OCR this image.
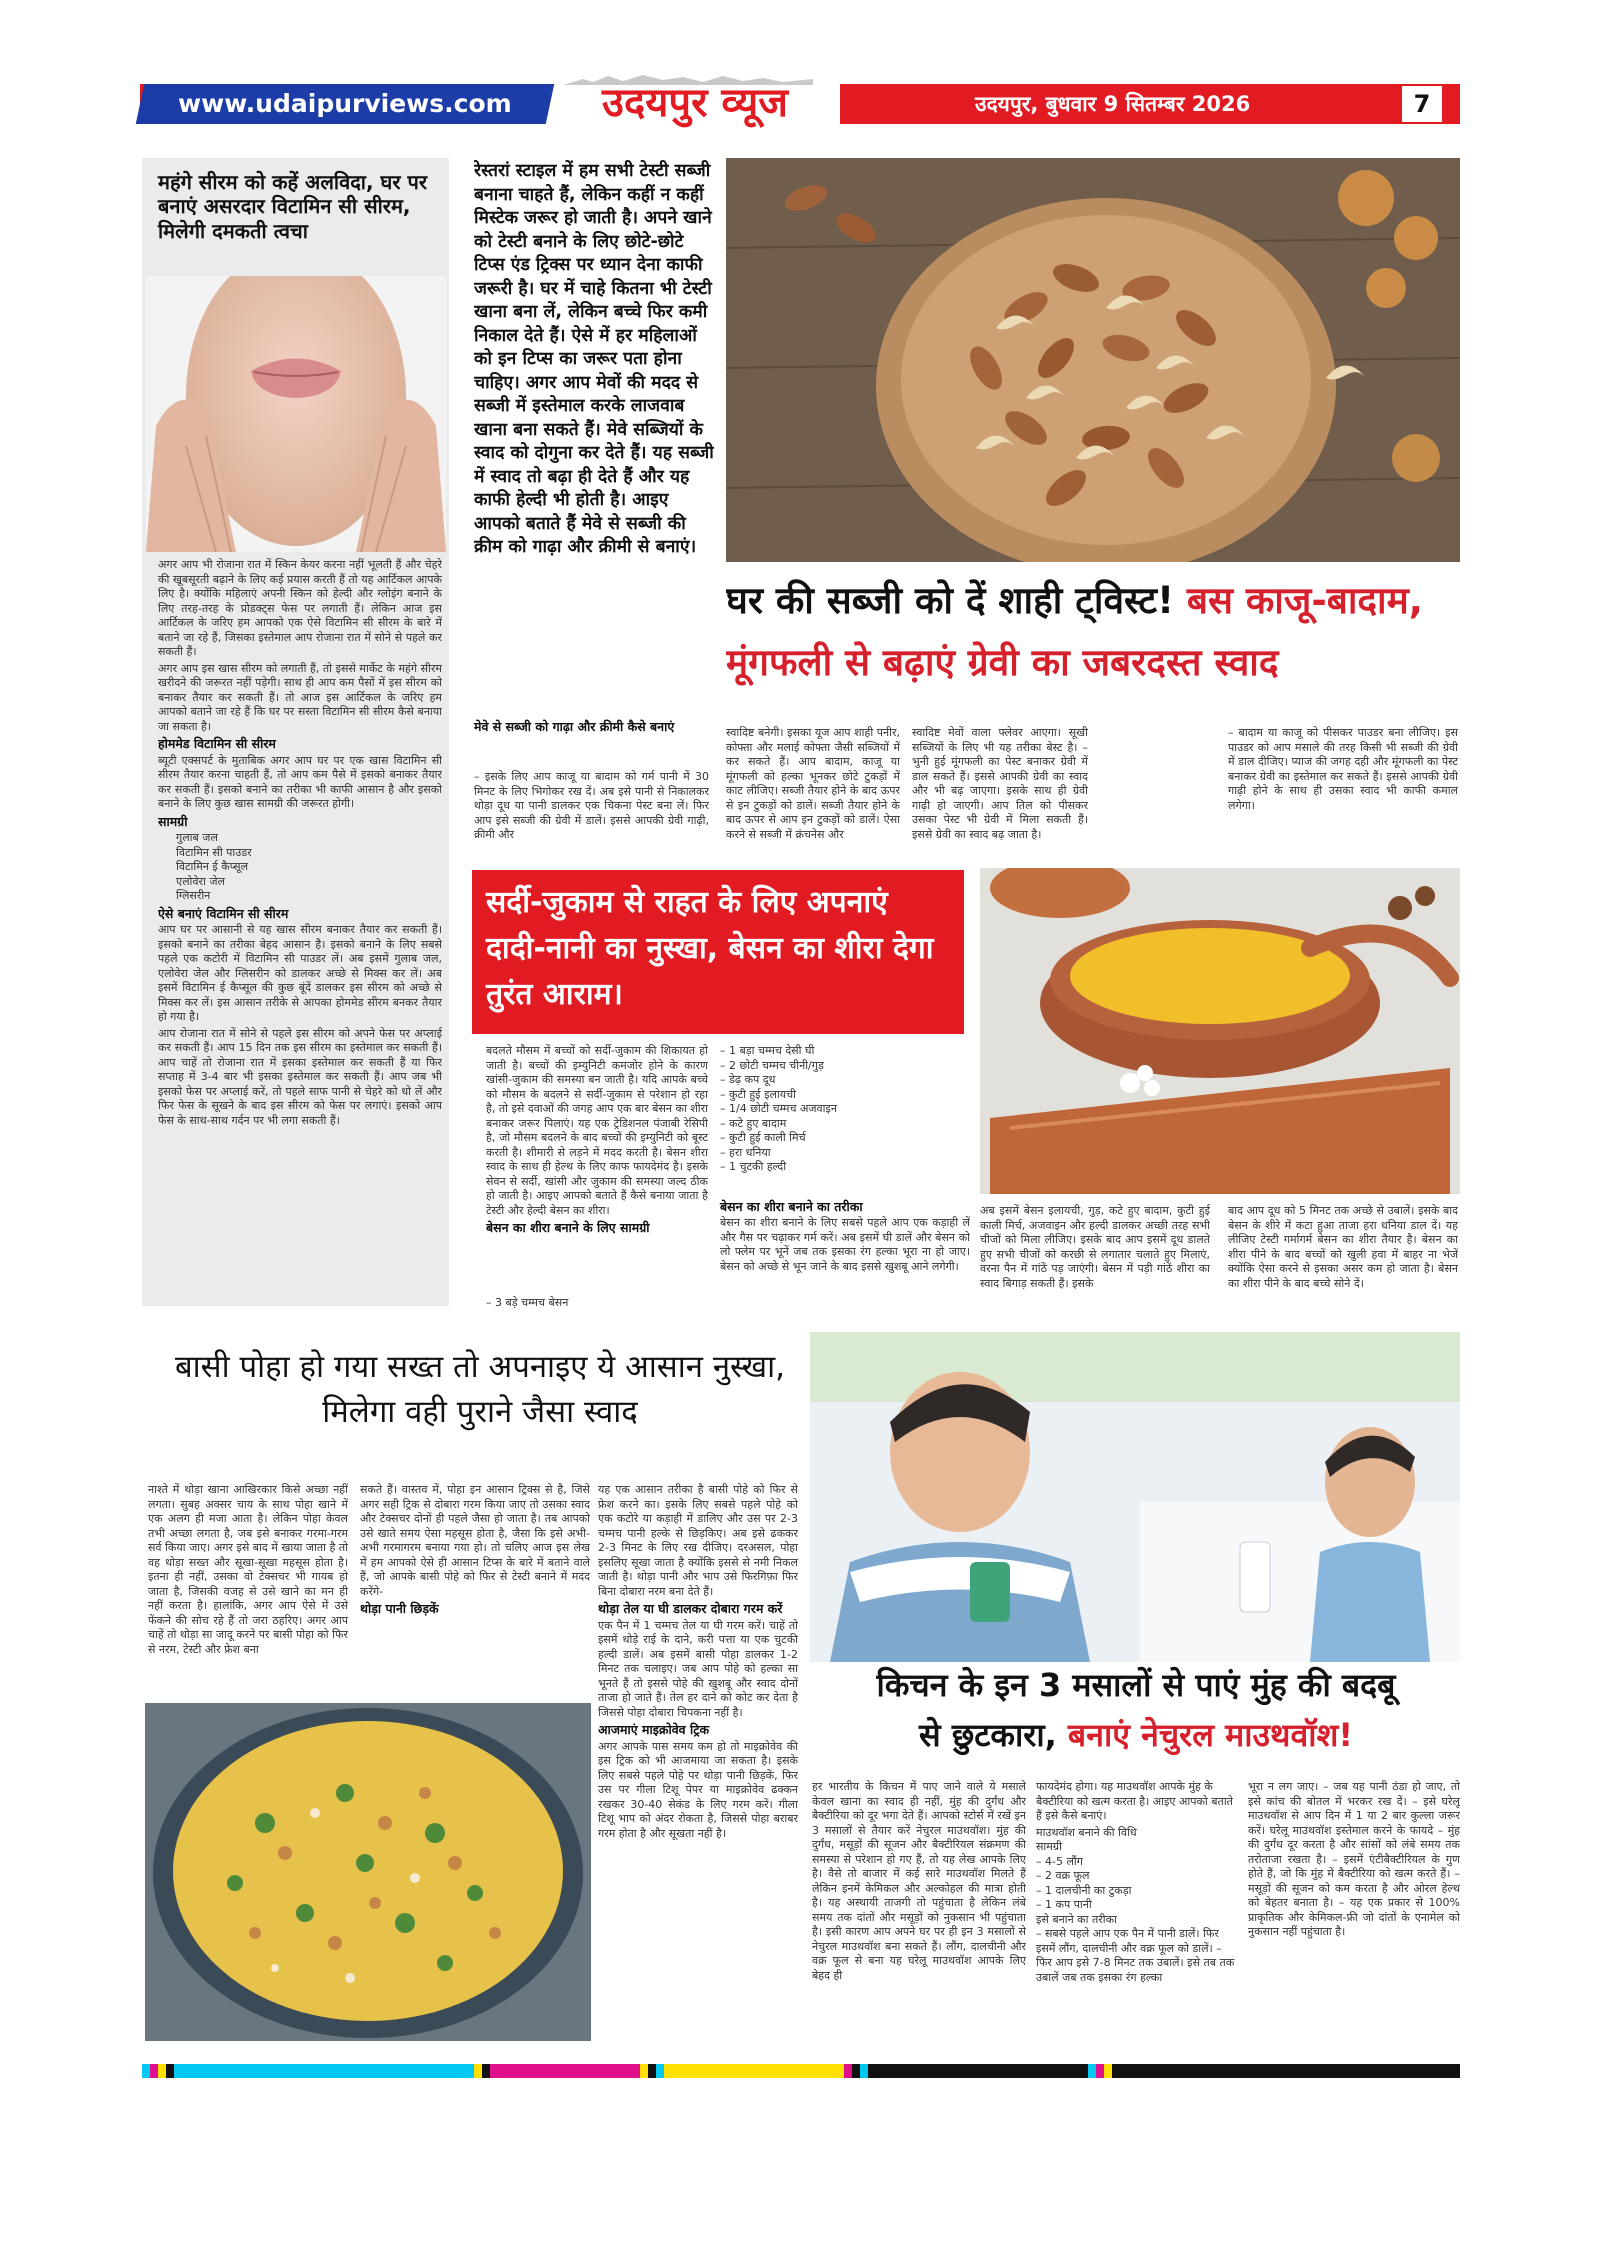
www.udaipurviews.com	उदयपुर व्यूज	उदयपुर, बुधवार 9 सितम्बर 2026	7
महंगे सीरम को कहें अलविदा, घर पर बनाएं असरदार विटामिन सी सीरम, मिलेगी दमकती त्वचा

अगर आप भी रोजाना रात में स्किन केयर करना नहीं भूलती हैं और चेहरे की खूबसूरती बढ़ाने के लिए कई प्रयास करती हैं तो यह आर्टिकल आपके लिए है। क्योंकि महिलाएं अपनी स्किन को हेल्दी और ग्लोइंग बनाने के लिए तरह-तरह के प्रोडक्ट्स फेस पर लगाती हैं। लेकिन आज इस आर्टिकल के जरिए हम आपको एक ऐसे विटामिन सी सीरम के बारे में बताने जा रहे हैं, जिसका इस्तेमाल आप रोजाना रात में सोने से पहले कर सकती हैं।

अगर आप इस खास सीरम को लगाती हैं, तो इससे मार्केट के महंगे सीरम खरीदने की जरूरत नहीं पड़ेगी। साथ ही आप कम पैसों में इस सीरम को बनाकर तैयार कर सकती हैं। तो आज इस आर्टिकल के जरिए हम आपको बताने जा रहे हैं कि घर पर सस्ता विटामिन सी सीरम कैसे बनाया जा सकता है।

होममेड विटामिन सी सीरम

ब्यूटी एक्सपर्ट के मुताबिक अगर आप घर पर एक खास विटामिन सी सीरम तैयार करना चाहती हैं, तो आप कम पैसे में इसको बनाकर तैयार कर सकती हैं। इसको बनाने का तरीका भी काफी आसान है और इसको बनाने के लिए कुछ खास सामग्री की जरूरत होगी।

सामग्री
गुलाब जल
विटामिन सी पाउडर
विटामिन ई कैप्सूल
एलोवेरा जेल
ग्लिसरीन
ऐसे बनाएं विटामिन सी सीरम

आप घर पर आसानी से यह खास सीरम बनाकर तैयार कर सकती हैं। इसको बनाने का तरीका बेहद आसान है। इसको बनाने के लिए सबसे पहले एक कटोरी में विटामिन सी पाउडर लें। अब इसमें गुलाब जल, एलोवेरा जेल और ग्लिसरीन को डालकर अच्छे से मिक्स कर लें। अब इसमें विटामिन ई कैप्सूल की कुछ बूंदें डालकर इस सीरम को अच्छे से मिक्स कर लें। इस आसान तरीके से आपका होममेड सीरम बनकर तैयार हो गया है।

आप रोजाना रात में सोने से पहले इस सीरम को अपने फेस पर अप्लाई कर सकती हैं। आप 15 दिन तक इस सीरम का इस्तेमाल कर सकती हैं। आप चाहें तो रोजाना रात में इसका इस्तेमाल कर सकती हैं या फिर सप्ताह में 3-4 बार भी इसका इस्तेमाल कर सकती हैं। आप जब भी इसको फेस पर अप्लाई करें, तो पहले साफ पानी से चेहरे को धो लें और फिर फेस के सूखने के बाद इस सीरम को फेस पर लगाएं। इसको आप फेस के साथ-साथ गर्दन पर भी लगा सकती हैं।

रेस्तरां स्टाइल में हम सभी टेस्टी सब्जी बनाना चाहते हैं, लेकिन कहीं न कहीं मिस्टेक जरूर हो जाती है। अपने खाने को टेस्टी बनाने के लिए छोटे-छोटे टिप्स एंड ट्रिक्स पर ध्यान देना काफी जरूरी है। घर में चाहे कितना भी टेस्टी खाना बना लें, लेकिन बच्चे फिर कमी निकाल देते हैं। ऐसे में हर महिलाओं को इन टिप्स का जरूर पता होना चाहिए। अगर आप मेवों की मदद से सब्जी में इस्तेमाल करके लाजवाब खाना बना सकते हैं। मेवे सब्जियों के स्वाद को दोगुना कर देते हैं। यह सब्जी में स्वाद तो बढ़ा ही देते हैं और यह काफी हेल्दी भी होती है। आइए आपको बताते हैं मेवे से सब्जी की क्रीम को गाढ़ा और क्रीमी से बनाएं।
मेवे से सब्जी को गाढ़ा और क्रीमी कैसे बनाएं
– इसके लिए आप काजू या बादाम को गर्म पानी में 30 मिनट के लिए भिगोकर रख दें। अब इसे पानी से निकालकर थोड़ा दूध या पानी डालकर एक चिकना पेस्ट बना लें। फिर आप इसे सब्जी की ग्रेवी में डालें। इससे आपकी ग्रेवी गाढ़ी, क्रीमी और
घर की सब्जी को दें शाही ट्विस्ट! बस काजू-बादाम,
मूंगफली से बढ़ाएं ग्रेवी का जबरदस्त स्वाद
स्वादिष्ट बनेगी। इसका यूज आप शाही पनीर, कोफ्ता और मलाई कोफ्ता जैसी सब्जियों में कर सकते हैं। आप बादाम, काजू या मूंगफली को हल्का भूनकर छोटे टुकड़ों में काट लीजिए। सब्जी तैयार होने के बाद ऊपर से इन टुकड़ों को डालें। सब्जी तैयार होने के बाद ऊपर से आप इन टुकड़ों को डालें। ऐसा करने से सब्जी में क्रंचनेस और
स्वादिष्ट मेवों वाला फ्लेवर आएगा। सूखी सब्जियों के लिए भी यह तरीका बेस्ट है। – भुनी हुई मूंगफली का पेस्ट बनाकर ग्रेवी में डाल सकते हैं। इससे आपकी ग्रेवी का स्वाद और भी बढ़ जाएगा। इसके साथ ही ग्रेवी गाढ़ी हो जाएगी। आप तिल को पीसकर उसका पेस्ट भी ग्रेवी में मिला सकती हैं। इससे ग्रेवी का स्वाद बढ़ जाता है।
– बादाम या काजू को पीसकर पाउडर बना लीजिए। इस पाउडर को आप मसाले की तरह किसी भी सब्जी की ग्रेवी में डाल दीजिए। प्याज की जगह दही और मूंगफली का पेस्ट बनाकर ग्रेवी का इस्तेमाल कर सकते हैं। इससे आपकी ग्रेवी गाढ़ी होने के साथ ही उसका स्वाद भी काफी कमाल लगेगा।
सर्दी-जुकाम से राहत के लिए अपनाएं दादी-नानी का नुस्खा, बेसन का शीरा देगा तुरंत आराम।

बदलते मौसम में बच्चों को सर्दी-जुकाम की शिकायत हो जाती है। बच्चों की इम्युनिटी कमजोर होने के कारण खांसी-जुकाम की समस्या बन जाती है। यदि आपके बच्चे को मौसम के बदलने से सर्दी-जुकाम से परेशान हो रहा है, तो इसे दवाओं की जगह आप एक बार बेसन का शीरा बनाकर जरूर पिलाएं। यह एक ट्रेडिशनल पंजाबी रेसिपी है, जो मौसम बदलने के बाद बच्चों की इम्युनिटी को बूस्ट करती है। शीमारी से लड़ने में मदद करती है। बेसन शीरा स्वाद के साथ ही हेल्थ के लिए काफ फायदेमंद है। इसके सेवन से सर्दी, खांसी और जुकाम की समस्या जल्द ठीक हो जाती है। आइए आपको बताते हैं कैसे बनाया जाता है टेस्टी और हेल्दी बेसन का शीरा।

बेसन का शीरा बनाने के लिए सामग्री
– 3 बड़े चम्मच बेसन
– 1 बड़ा चम्मच देसी घी
– 2 छोटी चम्मच चीनी/गुड़
– डेढ़ कप दूध
– कुटी हुई इलायची
– 1/4 छोटी चम्मच अजवाइन
– कटे हुए बादाम
– कुटी हुई काली मिर्च
– हरा धनिया
– 1 चुटकी हल्दी
बेसन का शीरा बनाने का तरीका
बेसन का शीरा बनाने के लिए सबसे पहले आप एक कड़ाही लें और गैस पर चढ़ाकर गर्म करें। अब इसमें घी डालें और बेसन को लो फ्लेम पर भूनें जब तक इसका रंग हल्का भूरा ना हो जाए। बेसन को अच्छे से भून जाने के बाद इससे खुशबू आने लगेगी।
अब इसमें बेसन इलायची, गुड़, कटे हुए बादाम, कुटी हुई काली मिर्च, अजवाइन और हल्दी डालकर अच्छी तरह सभी चीजों को मिला लीजिए। इसके बाद आप इसमें दूध डालते हुए सभी चीजों को करछी से लगातार चलाते हुए मिलाएं, वरना पैन में गांठें पड़ जाएंगी। बेसन में पड़ी गांठें शीरा का स्वाद बिगाड़ सकती हैं। इसके
बाद आप दूध को 5 मिनट तक अच्छे से उबालें। इसके बाद बेसन के शीरे में कटा हुआ ताजा हरा धनिया डाल दें। यह लीजिए टेस्टी गर्मागर्म बेसन का शीरा तैयार है। बेसन का शीरा पीने के बाद बच्चों को खुली हवा में बाहर ना भेजें क्योंकि ऐसा करने से इसका असर कम हो जाता है। बेसन का शीरा पीने के बाद बच्चे सोने दें।
बासी पोहा हो गया सख्त तो अपनाइए ये आसान नुस्खा, मिलेगा वही पुराने जैसा स्वाद
नाश्ते में थोड़ा खाना आखिरकार किसे अच्छा नहीं लगता। सुबह अक्सर चाय के साथ पोहा खाने में एक अलग ही मजा आता है। लेकिन पोहा केवल तभी अच्छा लगता है, जब इसे बनाकर गरमा-गरम सर्व किया जाए। अगर इसे बाद में खाया जाता है तो वह थोड़ा सख्त और सूखा-सूखा महसूस होता है। इतना ही नहीं, उसका वो टेक्सचर भी गायब हो जाता है, जिसकी वजह से उसे खाने का मन ही नहीं करता है। हालांकि, अगर आप ऐसे में उसे फेंकने की सोच रहे हैं तो जरा ठहरिए। अगर आप चाहें तो थोड़ा सा जादू करने पर बासी पोहा को फिर से नरम, टेस्टी और फ्रेश बना

सकते हैं। वास्तव में, पोहा इन आसान ट्रिक्स से है, जिसे अगर सही ट्रिक से दोबारा गरम किया जाए तो उसका स्वाद और टेक्सचर दोनों ही पहले जैसा हो जाता है। तब आपको उसे खाते समय ऐसा महसूस होता है, जैसा कि इसे अभी-अभी गरमागरम बनाया गया हो। तो चलिए आज इस लेख में हम आपको ऐसे ही आसान टिप्स के बारे में बताने वाले हैं, जो आपके बासी पोहे को फिर से टेस्टी बनाने में मदद करेंगे-

थोड़ा पानी छिड़कें

यह एक आसान तरीका है बासी पोहे को फिर से फ्रेश करने का। इसके लिए सबसे पहले पोहे को एक कटोरे या कड़ाही में डालिए और उस पर 2-3 चम्मच पानी हल्के से छिड़किए। अब इसे ढककर 2-3 मिनट के लिए रख दीजिए। दरअसल, पोहा इसलिए सूखा जाता है क्योंकि इससे से नमी निकल जाती है। थोड़ा पानी और भाप उसे फिरगिफ़ा फिर बिना दोबारा नरम बना देते हैं।

थोड़ा तेल या घी डालकर दोबारा गरम करें

एक पैन में 1 चम्मच तेल या घी गरम करें। चाहें तो इसमें थोड़े राई के दाने, करी पत्ता या एक चुटकी हल्दी डालें। अब इसमें बासी पोहा डालकर 1-2 मिनट तक चलाइए। जब आप पोहे को हल्का सा भूनते हैं तो इससे पोहे की खुशबू और स्वाद दोनों ताजा हो जाते हैं। तेल हर दाने को कोट कर देता है जिससे पोहा दोबारा चिपकना नहीं है।

आजमाएं माइक्रोवेव ट्रिक

अगर आपके पास समय कम हो तो माइक्रोवेव की इस ट्रिक को भी आजमाया जा सकता है। इसके लिए सबसे पहले पोहे पर थोड़ा पानी छिड़कें, फिर उस पर गीला टिशू पेपर या माइक्रोवेव ढक्कन रखकर 30-40 सेकंड के लिए गरम करें। गीला टिशू भाप को अंदर रोकता है, जिससे पोहा बराबर गरम होता है और सूखता नहीं है।

किचन के इन 3 मसालों से पाएं मुंह की बदबू
से छुटकारा, बनाएं नेचुरल माउथवॉश!
हर भारतीय के किचन में पाए जाने वाले ये मसाले केवल खाना का स्वाद ही नहीं, मुंह की दुर्गंध और बैक्टीरिया को दूर भगा देते हैं। आपको स्टोर्स में रखें इन 3 मसालों से तैयार करें नेचुरल माउथवॉश। मुंह की दुर्गंध, मसूड़ों की सूजन और बैक्टीरियल संक्रमण की समस्या से परेशान हो गए हैं, तो यह लेख आपके लिए है। वैसे तो बाजार में कई सारे माउथवॉश मिलते हैं लेकिन इनमें केमिकल और अल्कोहल की मात्रा होती है। यह अस्थायी ताजगी तो पहुंचाता है लेकिन लंबे समय तक दांतों और मसूड़ों को नुकसान भी पहुंचाता है। इसी कारण आप अपने घर पर ही इन 3 मसालों से नेचुरल माउथवॉश बना सकते हैं। लौंग, दालचीनी और वक्र फूल से बना यह घरेलू माउथवॉश आपके लिए बेहद ही

फायदेमंद होगा। यह माउथवॉश आपके मुंह के बैक्टीरिया को खत्म करता है। आइए आपको बताते हैं इसे कैसे बनाएं।

माउथवॉश बनाने की विधि
सामग्री
– 4-5 लौंग
– 2 वक्र फूल
– 1 दालचीनी का टुकड़ा
– 1 कप पानी
इसे बनाने का तरीका

– सबसे पहले आप एक पैन में पानी डालें। फिर इसमें लौंग, दालचीनी और वक्र फूल को डालें। – फिर आप इसे 7-8 मिनट तक उबालें। इसे तब तक उबालें जब तक इसका रंग हल्का

भूरा न लग जाए। – जब यह पानी ठंडा हो जाए, तो इसे कांच की बोतल में भरकर रख दें। – इसे घरेलू माउथवॉश से आप दिन में 1 या 2 बार कुल्ला जरूर करें। घरेलू माउथवॉश इस्तेमाल करने के फायदे – मुंह की दुर्गंध दूर करता है और सांसों को लंबे समय तक तरोताजा रखता है। – इसमें एंटीबैक्टीरियल के गुण होते हैं, जो कि मुंह में बैक्टीरिया को खत्म करते हैं। – मसूड़ों की सूजन को कम करता है और ओरल हेल्थ को बेहतर बनाता है। – यह एक प्रकार से 100% प्राकृतिक और केमिकल-फ्री जो दांतों के एनामेल को नुकसान नहीं पहुंचाता है।
